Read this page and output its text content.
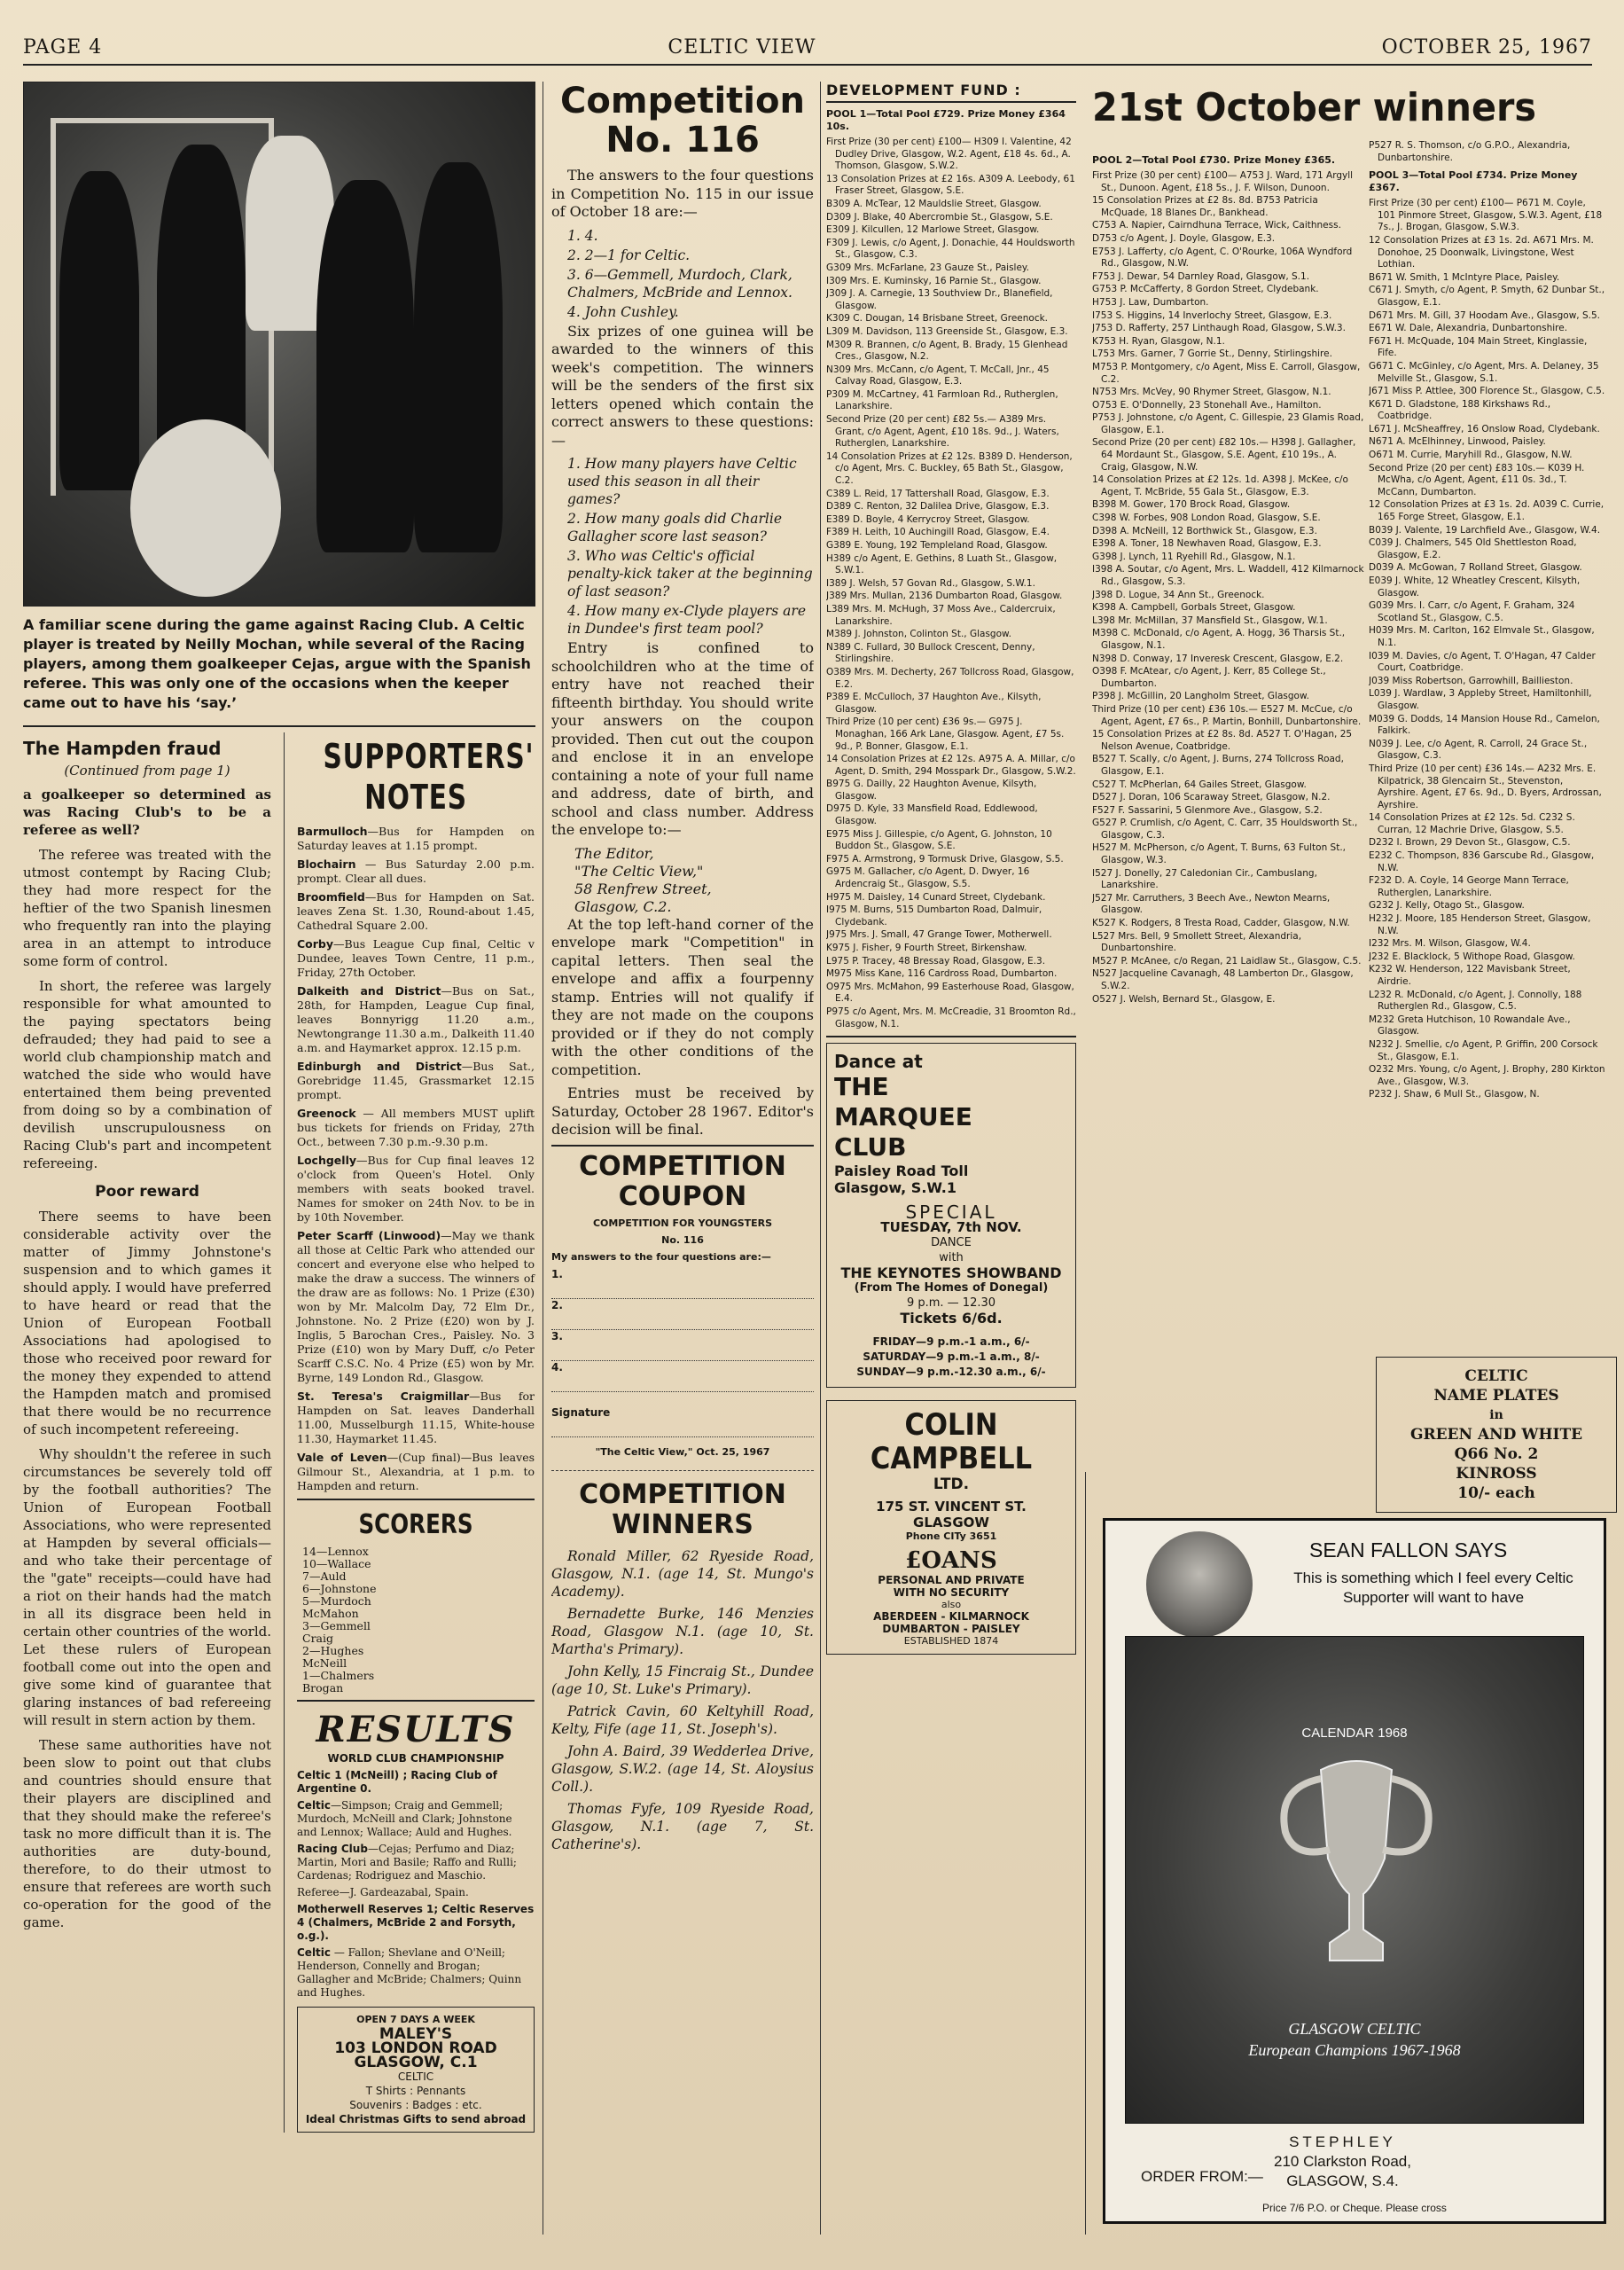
PAGE 4	CELTIC VIEW	OCTOBER 25, 1967
A familiar scene during the game against Racing Club. A Celtic player is treated by Neilly Mochan, while several of the Racing players, among them goalkeeper Cejas, argue with the Spanish referee. This was only one of the occasions when the keeper came out to have his ‘say.’
The Hampden fraud
(Continued from page 1)

a goalkeeper so determined as was Racing Club's to be a referee as well?

The referee was treated with the utmost contempt by Racing Club; they had more respect for the heftier of the two Spanish linesmen who frequently ran into the playing area in an attempt to introduce some form of control.

In short, the referee was largely responsible for what amounted to the paying spectators being defrauded; they had paid to see a world club championship match and watched the side who would have entertained them being prevented from doing so by a combination of devilish unscrupulousness on Racing Club's part and incompetent refereeing.

Poor reward

There seems to have been considerable activity over the matter of Jimmy Johnstone's suspension and to which games it should apply. I would have preferred to have heard or read that the Union of European Football Associations had apologised to those who received poor reward for the money they expended to attend the Hampden match and promised that there would be no recurrence of such incompetent refereeing.

Why shouldn't the referee in such circumstances be severely told off by the football authorities? The Union of European Football Associations, who were represented at Hampden by several officials—and who take their percentage of the "gate" receipts—could have had a riot on their hands had the match in all its disgrace been held in certain other countries of the world. Let these rulers of European football come out into the open and give some kind of guarantee that glaring instances of bad refereeing will result in stern action by them.

These same authorities have not been slow to point out that clubs and countries should ensure that their players are disciplined and that they should make the referee's task no more difficult than it is. The authorities are duty-bound, therefore, to do their utmost to ensure that referees are worth such co-operation for the good of the game.

SUPPORTERS'
NOTES
Barmulloch—Bus for Hampden on Saturday leaves at 1.15 prompt.
Blochairn — Bus Saturday 2.00 p.m. prompt. Clear all dues.
Broomfield—Bus for Hampden on Sat. leaves Zena St. 1.30, Round-about 1.45, Cathedral Square 2.00.
Corby—Bus League Cup final, Celtic v Dundee, leaves Town Centre, 11 p.m., Friday, 27th October.
Dalkeith and District—Bus on Sat., 28th, for Hampden, League Cup final, leaves Bonnyrigg 11.20 a.m., Newtongrange 11.30 a.m., Dalkeith 11.40 a.m. and Haymarket approx. 12.15 p.m.
Edinburgh and District—Bus Sat., Gorebridge 11.45, Grassmarket 12.15 prompt.
Greenock — All members MUST uplift bus tickets for friends on Friday, 27th Oct., between 7.30 p.m.-9.30 p.m.
Lochgelly—Bus for Cup final leaves 12 o'clock from Queen's Hotel. Only members with seats booked travel. Names for smoker on 24th Nov. to be in by 10th November.
Peter Scarff (Linwood)—May we thank all those at Celtic Park who attended our concert and everyone else who helped to make the draw a success. The winners of the draw are as follows: No. 1 Prize (£30) won by Mr. Malcolm Day, 72 Elm Dr., Johnstone. No. 2 Prize (£20) won by J. Inglis, 5 Barochan Cres., Paisley. No. 3 Prize (£10) won by Mary Duff, c/o Peter Scarff C.S.C. No. 4 Prize (£5) won by Mr. Byrne, 149 London Rd., Glasgow.
St. Teresa's Craigmillar—Bus for Hampden on Sat. leaves Danderhall 11.00, Musselburgh 11.15, White-house 11.30, Haymarket 11.45.
Vale of Leven—(Cup final)—Bus leaves Gilmour St., Alexandria, at 1 p.m. to Hampden and return.
SCORERS
14—Lennox
10—Wallace
7—Auld
6—Johnstone
5—Murdoch
McMahon
3—Gemmell
Craig
2—Hughes
McNeill
1—Chalmers
Brogan
RESULTS
WORLD CLUB CHAMPIONSHIP
Celtic 1 (McNeill) ; Racing Club of Argentine 0.
Celtic—Simpson; Craig and Gemmell; Murdoch, McNeill and Clark; Johnstone and Lennox; Wallace; Auld and Hughes.
Racing Club—Cejas; Perfumo and Diaz; Martin, Mori and Basile; Raffo and Rulli; Cardenas; Rodriguez and Maschio.
Referee—J. Gardeazabal, Spain.
Motherwell Reserves 1; Celtic Reserves 4 (Chalmers, McBride 2 and Forsyth, o.g.).
Celtic — Fallon; Shevlane and O'Neill; Henderson, Connelly and Brogan; Gallagher and McBride; Chalmers; Quinn and Hughes.
OPEN 7 DAYS A WEEK
MALEY'S
103 LONDON ROAD
GLASGOW, C.1
CELTIC
T Shirts : Pennants
Souvenirs : Badges : etc.
Ideal Christmas Gifts to send abroad
Competition
No. 116

The answers to the four questions in Competition No. 115 in our issue of October 18 are:—

1. 4.
2. 2—1 for Celtic.
3. 6—Gemmell, Murdoch, Clark, Chalmers, McBride and Lennox.
4. John Cushley.

Six prizes of one guinea will be awarded to the winners of this week's competition. The winners will be the senders of the first six letters opened which contain the correct answers to these questions:—

1. How many players have Celtic used this season in all their games?
2. How many goals did Charlie Gallagher score last season?
3. Who was Celtic's official penalty-kick taker at the beginning of last season?
4. How many ex-Clyde players are in Dundee's first team pool?

Entry is confined to schoolchildren who at the time of entry have not reached their fifteenth birthday. You should write your answers on the coupon provided. Then cut out the coupon and enclose it in an envelope containing a note of your full name and address, date of birth, and school and class number. Address the envelope to:—

The Editor,
"The Celtic View,"
58 Renfrew Street,
Glasgow, C.2.

At the top left-hand corner of the envelope mark "Competition" in capital letters. Then seal the envelope and affix a fourpenny stamp. Entries will not qualify if they are not made on the coupons provided or if they do not comply with the other conditions of the competition.

Entries must be received by Saturday, October 28 1967. Editor's decision will be final.

COMPETITION
COUPON
COMPETITION FOR YOUNGSTERS
No. 116
My answers to the four questions are:—
1.
2.
3.
4.
Signature
"The Celtic View," Oct. 25, 1967
COMPETITION
WINNERS
Ronald Miller, 62 Ryeside Road, Glasgow, N.1. (age 14, St. Mungo's Academy).
Bernadette Burke, 146 Menzies Road, Glasgow N.1. (age 10, St. Martha's Primary).
John Kelly, 15 Fincraig St., Dundee (age 10, St. Luke's Primary).
Patrick Cavin, 60 Keltyhill Road, Kelty, Fife (age 11, St. Joseph's).
John A. Baird, 39 Wedderlea Drive, Glasgow, S.W.2. (age 14, St. Aloysius Coll.).
Thomas Fyfe, 109 Ryeside Road, Glasgow, N.1. (age 7, St. Catherine's).
DEVELOPMENT FUND :
POOL 1—Total Pool £729. Prize Money £364 10s.
First Prize (30 per cent) £100— H309 I. Valentine, 42 Dudley Drive, Glasgow, W.2. Agent, £18 4s. 6d., A. Thomson, Glasgow, S.W.2.
13 Consolation Prizes at £2 16s. A309 A. Leebody, 61 Fraser Street, Glasgow, S.E.
B309 A. McTear, 12 Mauldslie Street, Glasgow.
D309 J. Blake, 40 Abercrombie St., Glasgow, S.E.
E309 J. Kilcullen, 12 Marlowe Street, Glasgow.
F309 J. Lewis, c/o Agent, J. Donachie, 44 Houldsworth St., Glasgow, C.3.
G309 Mrs. McFarlane, 23 Gauze St., Paisley.
I309 Mrs. E. Kuminsky, 16 Parnie St., Glasgow.
J309 J. A. Carnegie, 13 Southview Dr., Blanefield, Glasgow.
K309 C. Dougan, 14 Brisbane Street, Greenock.
L309 M. Davidson, 113 Greenside St., Glasgow, E.3.
M309 R. Brannen, c/o Agent, B. Brady, 15 Glenhead Cres., Glasgow, N.2.
N309 Mrs. McCann, c/o Agent, T. McCall, Jnr., 45 Calvay Road, Glasgow, E.3.
P309 M. McCartney, 41 Farmloan Rd., Rutherglen, Lanarkshire.
Second Prize (20 per cent) £82 5s.— A389 Mrs. Grant, c/o Agent, Agent, £10 18s. 9d., J. Waters, Rutherglen, Lanarkshire.
14 Consolation Prizes at £2 12s. B389 D. Henderson, c/o Agent, Mrs. C. Buckley, 65 Bath St., Glasgow, C.2.
C389 L. Reid, 17 Tattershall Road, Glasgow, E.3.
D389 C. Renton, 32 Dalilea Drive, Glasgow, E.3.
E389 D. Boyle, 4 Kerrycroy Street, Glasgow.
F389 H. Leith, 10 Auchingill Road, Glasgow, E.4.
G389 E. Young, 192 Templeland Road, Glasgow.
H389 c/o Agent, E. Gethins, 8 Luath St., Glasgow, S.W.1.
I389 J. Welsh, 57 Govan Rd., Glasgow, S.W.1.
J389 Mrs. Mullan, 2136 Dumbarton Road, Glasgow.
L389 Mrs. M. McHugh, 37 Moss Ave., Caldercruix, Lanarkshire.
M389 J. Johnston, Colinton St., Glasgow.
N389 C. Fullard, 30 Bullock Crescent, Denny, Stirlingshire.
O389 Mrs. M. Decherty, 267 Tollcross Road, Glasgow, E.2.
P389 E. McCulloch, 37 Haughton Ave., Kilsyth, Glasgow.
Third Prize (10 per cent) £36 9s.— G975 J. Monaghan, 166 Ark Lane, Glasgow. Agent, £7 5s. 9d., P. Bonner, Glasgow, E.1.
14 Consolation Prizes at £2 12s. A975 A. A. Millar, c/o Agent, D. Smith, 294 Mosspark Dr., Glasgow, S.W.2.
B975 G. Dailly, 22 Haughton Avenue, Kilsyth, Glasgow.
D975 D. Kyle, 33 Mansfield Road, Eddlewood, Glasgow.
E975 Miss J. Gillespie, c/o Agent, G. Johnston, 10 Buddon St., Glasgow, S.E.
F975 A. Armstrong, 9 Tormusk Drive, Glasgow, S.5.
G975 M. Gallacher, c/o Agent, D. Dwyer, 16 Ardencraig St., Glasgow, S.5.
H975 M. Daisley, 14 Cunard Street, Clydebank.
I975 M. Burns, 515 Dumbarton Road, Dalmuir, Clydebank.
J975 Mrs. J. Small, 47 Grange Tower, Motherwell.
K975 J. Fisher, 9 Fourth Street, Birkenshaw.
L975 P. Tracey, 48 Bressay Road, Glasgow, E.3.
M975 Miss Kane, 116 Cardross Road, Dumbarton.
O975 Mrs. McMahon, 99 Easterhouse Road, Glasgow, E.4.
P975 c/o Agent, Mrs. M. McCreadie, 31 Broomton Rd., Glasgow, N.1.
Dance at
THE
MARQUEE
CLUB
Paisley Road Toll
Glasgow, S.W.1
SPECIAL
TUESDAY, 7th NOV.
DANCE
with
THE KEYNOTES SHOWBAND
(From The Homes of Donegal)
9 p.m. — 12.30
Tickets 6/6d.
FRIDAY—9 p.m.-1 a.m., 6/-
SATURDAY—9 p.m.-1 a.m., 8/-
SUNDAY—9 p.m.-12.30 a.m., 6/-
COLIN
CAMPBELL
LTD.
175 ST. VINCENT ST.
GLASGOW
Phone CITy 3651
£OANS
PERSONAL AND PRIVATE
WITH NO SECURITY
also
ABERDEEN - KILMARNOCK
DUMBARTON - PAISLEY
ESTABLISHED 1874
21st October winners
POOL 2—Total Pool £730. Prize Money £365.
First Prize (30 per cent) £100— A753 J. Ward, 171 Argyll St., Dunoon. Agent, £18 5s., J. F. Wilson, Dunoon.
15 Consolation Prizes at £2 8s. 8d. B753 Patricia McQuade, 18 Blanes Dr., Bankhead.
C753 A. Napier, Cairndhuna Terrace, Wick, Caithness.
D753 c/o Agent, J. Doyle, Glasgow, E.3.
E753 J. Lafferty, c/o Agent, C. O'Rourke, 106A Wyndford Rd., Glasgow, N.W.
F753 J. Dewar, 54 Darnley Road, Glasgow, S.1.
G753 P. McCafferty, 8 Gordon Street, Clydebank.
H753 J. Law, Dumbarton.
I753 S. Higgins, 14 Inverlochy Street, Glasgow, E.3.
J753 D. Rafferty, 257 Linthaugh Road, Glasgow, S.W.3.
K753 H. Ryan, Glasgow, N.1.
L753 Mrs. Garner, 7 Gorrie St., Denny, Stirlingshire.
M753 P. Montgomery, c/o Agent, Miss E. Carroll, Glasgow, C.2.
N753 Mrs. McVey, 90 Rhymer Street, Glasgow, N.1.
O753 E. O'Donnelly, 23 Stonehall Ave., Hamilton.
P753 J. Johnstone, c/o Agent, C. Gillespie, 23 Glamis Road, Glasgow, E.1.
Second Prize (20 per cent) £82 10s.— H398 J. Gallagher, 64 Mordaunt St., Glasgow, S.E. Agent, £10 19s., A. Craig, Glasgow, N.W.
14 Consolation Prizes at £2 12s. 1d. A398 J. McKee, c/o Agent, T. McBride, 55 Gala St., Glasgow, E.3.
B398 M. Gower, 170 Brock Road, Glasgow.
C398 W. Forbes, 908 London Road, Glasgow, S.E.
D398 A. McNeill, 12 Borthwick St., Glasgow, E.3.
E398 A. Toner, 18 Newhaven Road, Glasgow, E.3.
G398 J. Lynch, 11 Ryehill Rd., Glasgow, N.1.
I398 A. Soutar, c/o Agent, Mrs. L. Waddell, 412 Kilmarnock Rd., Glasgow, S.3.
J398 D. Logue, 34 Ann St., Greenock.
K398 A. Campbell, Gorbals Street, Glasgow.
L398 Mr. McMillan, 37 Mansfield St., Glasgow, W.1.
M398 C. McDonald, c/o Agent, A. Hogg, 36 Tharsis St., Glasgow, N.1.
N398 D. Conway, 17 Inveresk Crescent, Glasgow, E.2.
O398 F. McAtear, c/o Agent, J. Kerr, 85 College St., Dumbarton.
P398 J. McGillin, 20 Langholm Street, Glasgow.
Third Prize (10 per cent) £36 10s.— E527 M. McCue, c/o Agent, Agent, £7 6s., P. Martin, Bonhill, Dunbartonshire.
15 Consolation Prizes at £2 8s. 8d. A527 T. O'Hagan, 25 Nelson Avenue, Coatbridge.
B527 T. Scally, c/o Agent, J. Burns, 274 Tollcross Road, Glasgow, E.1.
C527 T. McPherlan, 64 Gailes Street, Glasgow.
D527 J. Doran, 106 Scaraway Street, Glasgow, N.2.
F527 F. Sassarini, 5 Glenmore Ave., Glasgow, S.2.
G527 P. Crumlish, c/o Agent, C. Carr, 35 Houldsworth St., Glasgow, C.3.
H527 M. McPherson, c/o Agent, T. Burns, 63 Fulton St., Glasgow, W.3.
I527 J. Donelly, 27 Caledonian Cir., Cambuslang, Lanarkshire.
J527 Mr. Carruthers, 3 Beech Ave., Newton Mearns, Glasgow.
K527 K. Rodgers, 8 Tresta Road, Cadder, Glasgow, N.W.
L527 Mrs. Bell, 9 Smollett Street, Alexandria, Dunbartonshire.
M527 P. McAnee, c/o Regan, 21 Laidlaw St., Glasgow, C.5.
N527 Jacqueline Cavanagh, 48 Lamberton Dr., Glasgow, S.W.2.
O527 J. Welsh, Bernard St., Glasgow, E.
P527 R. S. Thomson, c/o G.P.O., Alexandria, Dunbartonshire.
POOL 3—Total Pool £734. Prize Money £367.
First Prize (30 per cent) £100— P671 M. Coyle, 101 Pinmore Street, Glasgow, S.W.3. Agent, £18 7s., J. Brogan, Glasgow, S.W.3.
12 Consolation Prizes at £3 1s. 2d. A671 Mrs. M. Donohoe, 25 Doonwalk, Livingstone, West Lothian.
B671 W. Smith, 1 McIntyre Place, Paisley.
C671 J. Smyth, c/o Agent, P. Smyth, 62 Dunbar St., Glasgow, E.1.
D671 Mrs. M. Gill, 37 Hoodam Ave., Glasgow, S.5.
E671 W. Dale, Alexandria, Dunbartonshire.
F671 H. McQuade, 104 Main Street, Kinglassie, Fife.
G671 C. McGinley, c/o Agent, Mrs. A. Delaney, 35 Melville St., Glasgow, S.1.
J671 Miss P. Attlee, 300 Florence St., Glasgow, C.5.
K671 D. Gladstone, 188 Kirkshaws Rd., Coatbridge.
L671 J. McSheaffrey, 16 Onslow Road, Clydebank.
N671 A. McElhinney, Linwood, Paisley.
O671 M. Currie, Maryhill Rd., Glasgow, N.W.
Second Prize (20 per cent) £83 10s.— K039 H. McWha, c/o Agent, Agent, £11 0s. 3d., T. McCann, Dumbarton.
12 Consolation Prizes at £3 1s. 2d. A039 C. Currie, 165 Forge Street, Glasgow, E.1.
B039 J. Valente, 19 Larchfield Ave., Glasgow, W.4.
C039 J. Chalmers, 545 Old Shettleston Road, Glasgow, E.2.
D039 A. McGowan, 7 Rolland Street, Glasgow.
E039 J. White, 12 Wheatley Crescent, Kilsyth, Glasgow.
G039 Mrs. I. Carr, c/o Agent, F. Graham, 324 Scotland St., Glasgow, C.5.
H039 Mrs. M. Carlton, 162 Elmvale St., Glasgow, N.1.
I039 M. Davies, c/o Agent, T. O'Hagan, 47 Calder Court, Coatbridge.
J039 Miss Robertson, Garrowhill, Baillieston.
L039 J. Wardlaw, 3 Appleby Street, Hamiltonhill, Glasgow.
M039 G. Dodds, 14 Mansion House Rd., Camelon, Falkirk.
N039 J. Lee, c/o Agent, R. Carroll, 24 Grace St., Glasgow, C.3.
Third Prize (10 per cent) £36 14s.— A232 Mrs. E. Kilpatrick, 38 Glencairn St., Stevenston, Ayrshire. Agent, £7 6s. 9d., D. Byers, Ardrossan, Ayrshire.
14 Consolation Prizes at £2 12s. 5d. C232 S. Curran, 12 Machrie Drive, Glasgow, S.5.
D232 I. Brown, 29 Devon St., Glasgow, C.5.
E232 C. Thompson, 836 Garscube Rd., Glasgow, N.W.
F232 D. A. Coyle, 14 George Mann Terrace, Rutherglen, Lanarkshire.
G232 J. Kelly, Otago St., Glasgow.
H232 J. Moore, 185 Henderson Street, Glasgow, N.W.
I232 Mrs. M. Wilson, Glasgow, W.4.
J232 E. Blacklock, 5 Withope Road, Glasgow.
K232 W. Henderson, 122 Mavisbank Street, Airdrie.
L232 R. McDonald, c/o Agent, J. Connolly, 188 Rutherglen Rd., Glasgow, C.5.
M232 Greta Hutchison, 10 Rowandale Ave., Glasgow.
N232 J. Smellie, c/o Agent, P. Griffin, 200 Corsock St., Glasgow, E.1.
O232 Mrs. Young, c/o Agent, J. Brophy, 280 Kirkton Ave., Glasgow, W.3.
P232 J. Shaw, 6 Mull St., Glasgow, N.
CELTIC
NAME PLATES
in
GREEN AND WHITE
Q66 No. 2
KINROSS
10/- each
SEAN FALLON SAYS
This is something which I feel every Celtic Supporter will want to have
CALENDAR 1968
GLASGOW CELTIC
European Champions 1967-1968
ORDER FROM:—
STEPHLEY
210 Clarkston Road,
GLASGOW, S.4.
Price 7/6 P.O. or Cheque. Please cross
